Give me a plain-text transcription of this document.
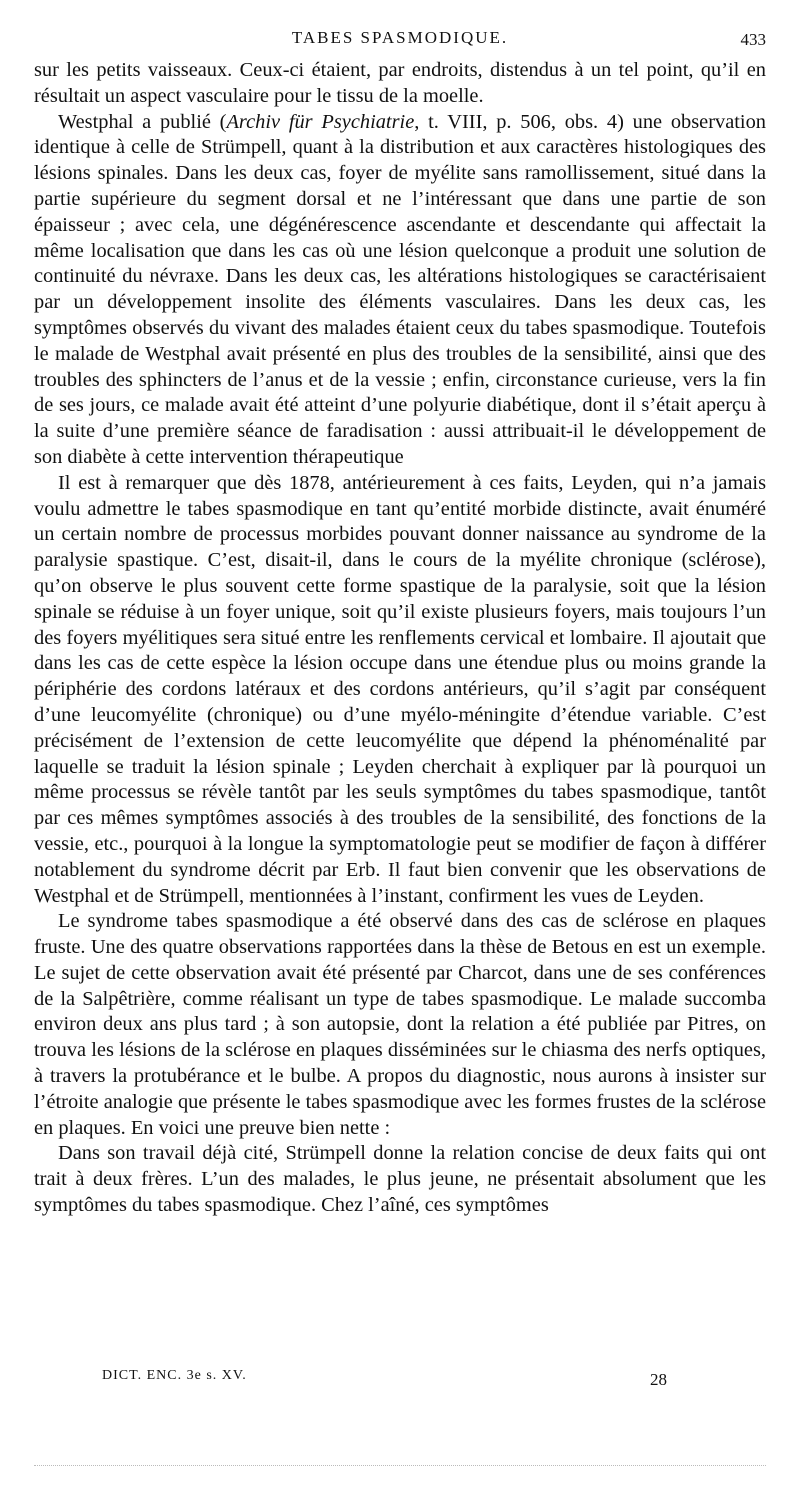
TABES SPASMODIQUE.	433

sur les petits vaisseaux. Ceux-ci étaient, par endroits, distendus à un tel point, qu’il en résultait un aspect vasculaire pour le tissu de la moelle.

Westphal a publié (Archiv für Psychiatrie, t. VIII, p. 506, obs. 4) une observation identique à celle de Strümpell, quant à la distribution et aux caractères histologiques des lésions spinales. Dans les deux cas, foyer de myélite sans ramollissement, situé dans la partie supérieure du segment dorsal et ne l’intéressant que dans une partie de son épaisseur ; avec cela, une dégénérescence ascendante et descendante qui affectait la même localisation que dans les cas où une lésion quelconque a produit une solution de continuité du névraxe. Dans les deux cas, les altérations histologiques se caractérisaient par un développement insolite des éléments vasculaires. Dans les deux cas, les symptômes observés du vivant des malades étaient ceux du tabes spasmodique. Toutefois le malade de Westphal avait présenté en plus des troubles de la sensibilité, ainsi que des troubles des sphincters de l’anus et de la vessie ; enfin, circonstance curieuse, vers la fin de ses jours, ce malade avait été atteint d’une polyurie diabétique, dont il s’était aperçu à la suite d’une première séance de faradisation : aussi attribuait-il le développement de son diabète à cette intervention thérapeutique

Il est à remarquer que dès 1878, antérieurement à ces faits, Leyden, qui n’a jamais voulu admettre le tabes spasmodique en tant qu’entité morbide distincte, avait énuméré un certain nombre de processus morbides pouvant donner naissance au syndrome de la paralysie spastique. C’est, disait-il, dans le cours de la myélite chronique (sclérose), qu’on observe le plus souvent cette forme spastique de la paralysie, soit que la lésion spinale se réduise à un foyer unique, soit qu’il existe plusieurs foyers, mais toujours l’un des foyers myélitiques sera situé entre les renflements cervical et lombaire. Il ajoutait que dans les cas de cette espèce la lésion occupe dans une étendue plus ou moins grande la périphérie des cordons latéraux et des cordons antérieurs, qu’il s’agit par conséquent d’une leucomyélite (chronique) ou d’une myélo-méningite d’étendue variable. C’est précisément de l’extension de cette leucomyélite que dépend la phénoménalité par laquelle se traduit la lésion spinale ; Leyden cherchait à expliquer par là pourquoi un même processus se révèle tantôt par les seuls symptômes du tabes spasmodique, tantôt par ces mêmes symptômes associés à des troubles de la sensibilité, des fonctions de la vessie, etc., pourquoi à la longue la symptomatologie peut se modifier de façon à différer notablement du syndrome décrit par Erb. Il faut bien convenir que les observations de Westphal et de Strümpell, mentionnées à l’instant, confirment les vues de Leyden.

Le syndrome tabes spasmodique a été observé dans des cas de sclérose en plaques fruste. Une des quatre observations rapportées dans la thèse de Betous en est un exemple. Le sujet de cette observation avait été présenté par Charcot, dans une de ses conférences de la Salpêtrière, comme réalisant un type de tabes spasmodique. Le malade succomba environ deux ans plus tard ; à son autopsie, dont la relation a été publiée par Pitres, on trouva les lésions de la sclérose en plaques disséminées sur le chiasma des nerfs optiques, à travers la protubérance et le bulbe. A propos du diagnostic, nous aurons à insister sur l’étroite analogie que présente le tabes spasmodique avec les formes frustes de la sclérose en plaques. En voici une preuve bien nette :

Dans son travail déjà cité, Strümpell donne la relation concise de deux faits qui ont trait à deux frères. L’un des malades, le plus jeune, ne présentait absolument que les symptômes du tabes spasmodique. Chez l’aîné, ces symptômes

DICT. ENC. 3e s. XV.	28
